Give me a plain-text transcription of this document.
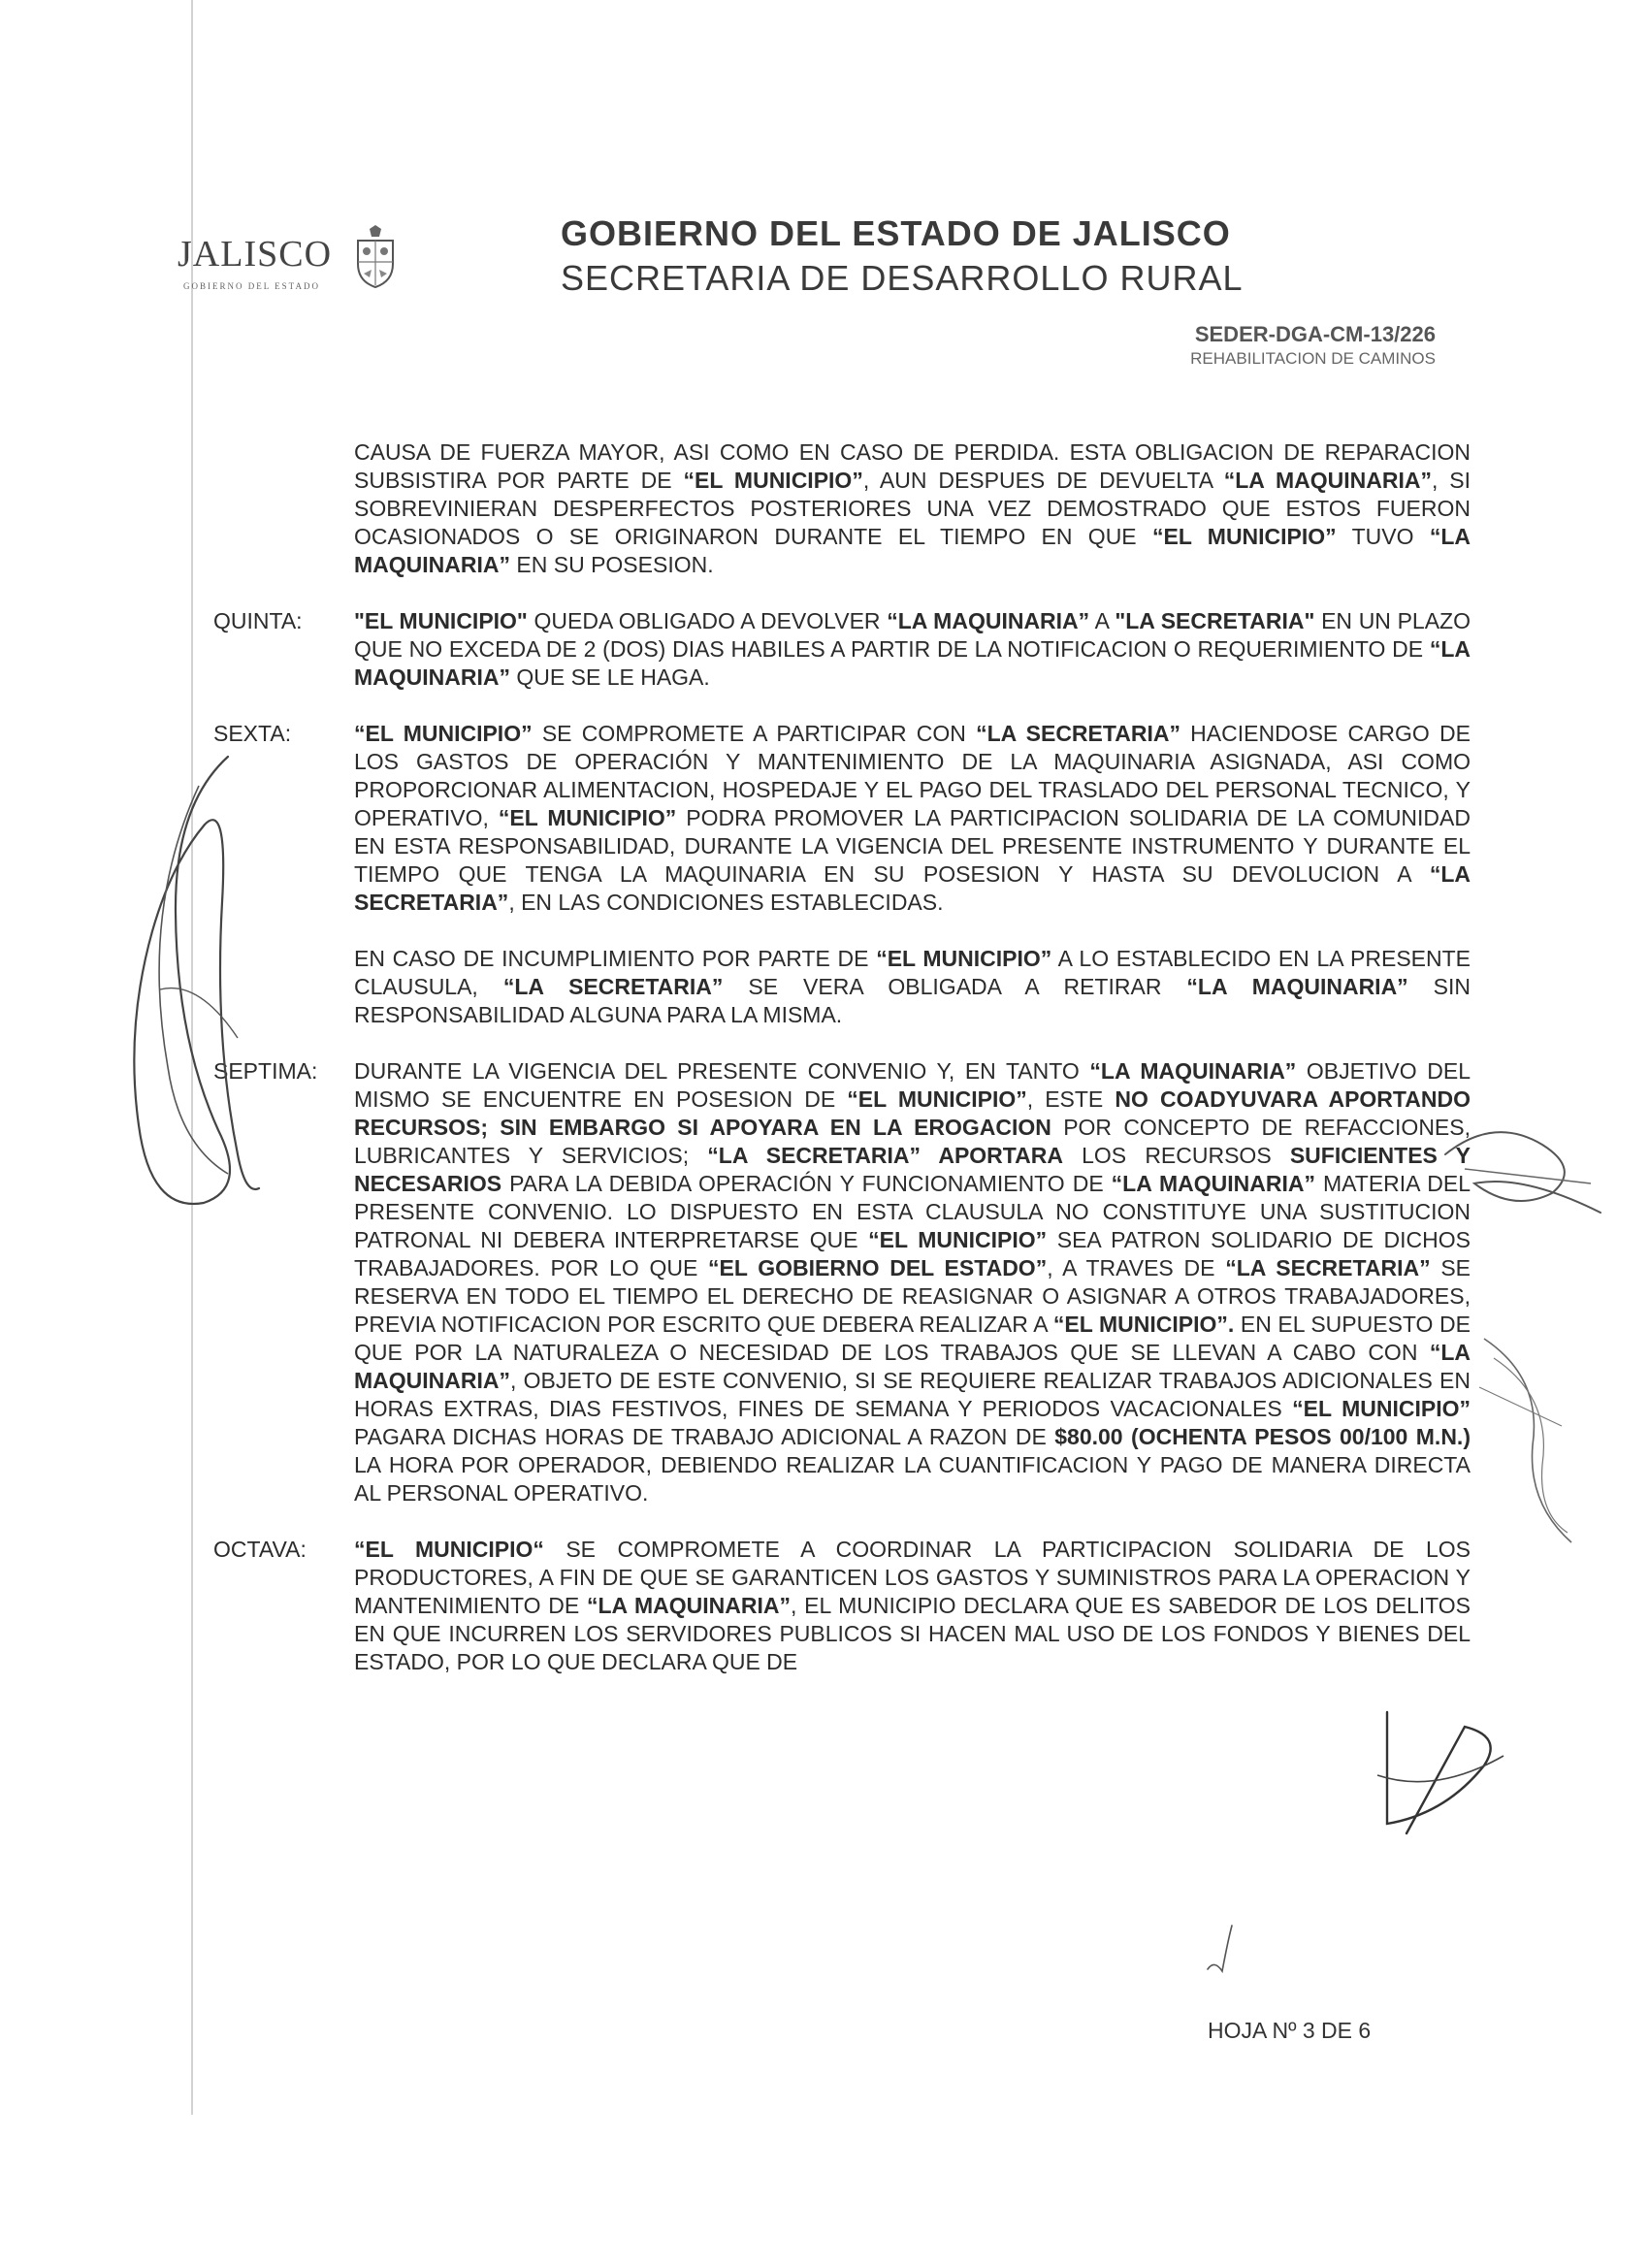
JALISCO
GOBIERNO DEL ESTADO
GOBIERNO DEL ESTADO DE JALISCO
SECRETARIA DE DESARROLLO RURAL
SEDER-DGA-CM-13/226
REHABILITACION DE CAMINOS

CAUSA DE FUERZA MAYOR, ASI COMO EN CASO DE PERDIDA. ESTA OBLIGACION DE REPARACION SUBSISTIRA POR PARTE DE “EL MUNICIPIO”, AUN DESPUES DE DEVUELTA “LA MAQUINARIA”, SI SOBREVINIERAN DESPERFECTOS POSTERIORES UNA VEZ DEMOSTRADO QUE ESTOS FUERON OCASIONADOS O SE ORIGINARON DURANTE EL TIEMPO EN QUE “EL MUNICIPIO” TUVO “LA MAQUINARIA” EN SU POSESION.

QUINTA:	"EL MUNICIPIO" QUEDA OBLIGADO A DEVOLVER “LA MAQUINARIA” A "LA SECRETARIA" EN UN PLAZO QUE NO EXCEDA DE 2 (DOS) DIAS HABILES A PARTIR DE LA NOTIFICACION O REQUERIMIENTO DE “LA MAQUINARIA” QUE SE LE HAGA.

SEXTA:	“EL MUNICIPIO” SE COMPROMETE A PARTICIPAR CON “LA SECRETARIA” HACIENDOSE CARGO DE LOS GASTOS DE OPERACIÓN Y MANTENIMIENTO DE LA MAQUINARIA ASIGNADA, ASI COMO PROPORCIONAR ALIMENTACION, HOSPEDAJE Y EL PAGO DEL TRASLADO DEL PERSONAL TECNICO, Y OPERATIVO, “EL MUNICIPIO” PODRA PROMOVER LA PARTICIPACION SOLIDARIA DE LA COMUNIDAD EN ESTA RESPONSABILIDAD, DURANTE LA VIGENCIA DEL PRESENTE INSTRUMENTO Y DURANTE EL TIEMPO QUE TENGA LA MAQUINARIA EN SU POSESION Y HASTA SU DEVOLUCION A “LA SECRETARIA”, EN LAS CONDICIONES ESTABLECIDAS.

EN CASO DE INCUMPLIMIENTO POR PARTE DE “EL MUNICIPIO” A LO ESTABLECIDO EN LA PRESENTE CLAUSULA, “LA SECRETARIA” SE VERA OBLIGADA A RETIRAR “LA MAQUINARIA” SIN RESPONSABILIDAD ALGUNA PARA LA MISMA.

SEPTIMA:	DURANTE LA VIGENCIA DEL PRESENTE CONVENIO Y, EN TANTO “LA MAQUINARIA” OBJETIVO DEL MISMO SE ENCUENTRE EN POSESION DE “EL MUNICIPIO”, ESTE NO COADYUVARA APORTANDO RECURSOS; SIN EMBARGO SI APOYARA EN LA EROGACION POR CONCEPTO DE REFACCIONES, LUBRICANTES Y SERVICIOS; “LA SECRETARIA” APORTARA LOS RECURSOS SUFICIENTES Y NECESARIOS PARA LA DEBIDA OPERACIÓN Y FUNCIONAMIENTO DE “LA MAQUINARIA” MATERIA DEL PRESENTE CONVENIO. LO DISPUESTO EN ESTA CLAUSULA NO CONSTITUYE UNA SUSTITUCION PATRONAL NI DEBERA INTERPRETARSE QUE “EL MUNICIPIO” SEA PATRON SOLIDARIO DE DICHOS TRABAJADORES. POR LO QUE “EL GOBIERNO DEL ESTADO”, A TRAVES DE “LA SECRETARIA” SE RESERVA EN TODO EL TIEMPO EL DERECHO DE REASIGNAR O ASIGNAR A OTROS TRABAJADORES, PREVIA NOTIFICACION POR ESCRITO QUE DEBERA REALIZAR A “EL MUNICIPIO”. EN EL SUPUESTO DE QUE POR LA NATURALEZA O NECESIDAD DE LOS TRABAJOS QUE SE LLEVAN A CABO CON “LA MAQUINARIA”, OBJETO DE ESTE CONVENIO, SI SE REQUIERE REALIZAR TRABAJOS ADICIONALES EN HORAS EXTRAS, DIAS FESTIVOS, FINES DE SEMANA Y PERIODOS VACACIONALES “EL MUNICIPIO” PAGARA DICHAS HORAS DE TRABAJO ADICIONAL A RAZON DE $80.00 (OCHENTA PESOS 00/100 M.N.) LA HORA POR OPERADOR, DEBIENDO REALIZAR LA CUANTIFICACION Y PAGO DE MANERA DIRECTA AL PERSONAL OPERATIVO.

OCTAVA:	“EL MUNICIPIO“ SE COMPROMETE A COORDINAR LA PARTICIPACION SOLIDARIA DE LOS PRODUCTORES, A FIN DE QUE SE GARANTICEN LOS GASTOS Y SUMINISTROS PARA LA OPERACION Y MANTENIMIENTO DE “LA MAQUINARIA”, EL MUNICIPIO DECLARA QUE ES SABEDOR DE LOS DELITOS EN QUE INCURREN LOS SERVIDORES PUBLICOS SI HACEN MAL USO DE LOS FONDOS Y BIENES DEL ESTADO, POR LO QUE DECLARA QUE DE

HOJA Nº 3 DE 6
